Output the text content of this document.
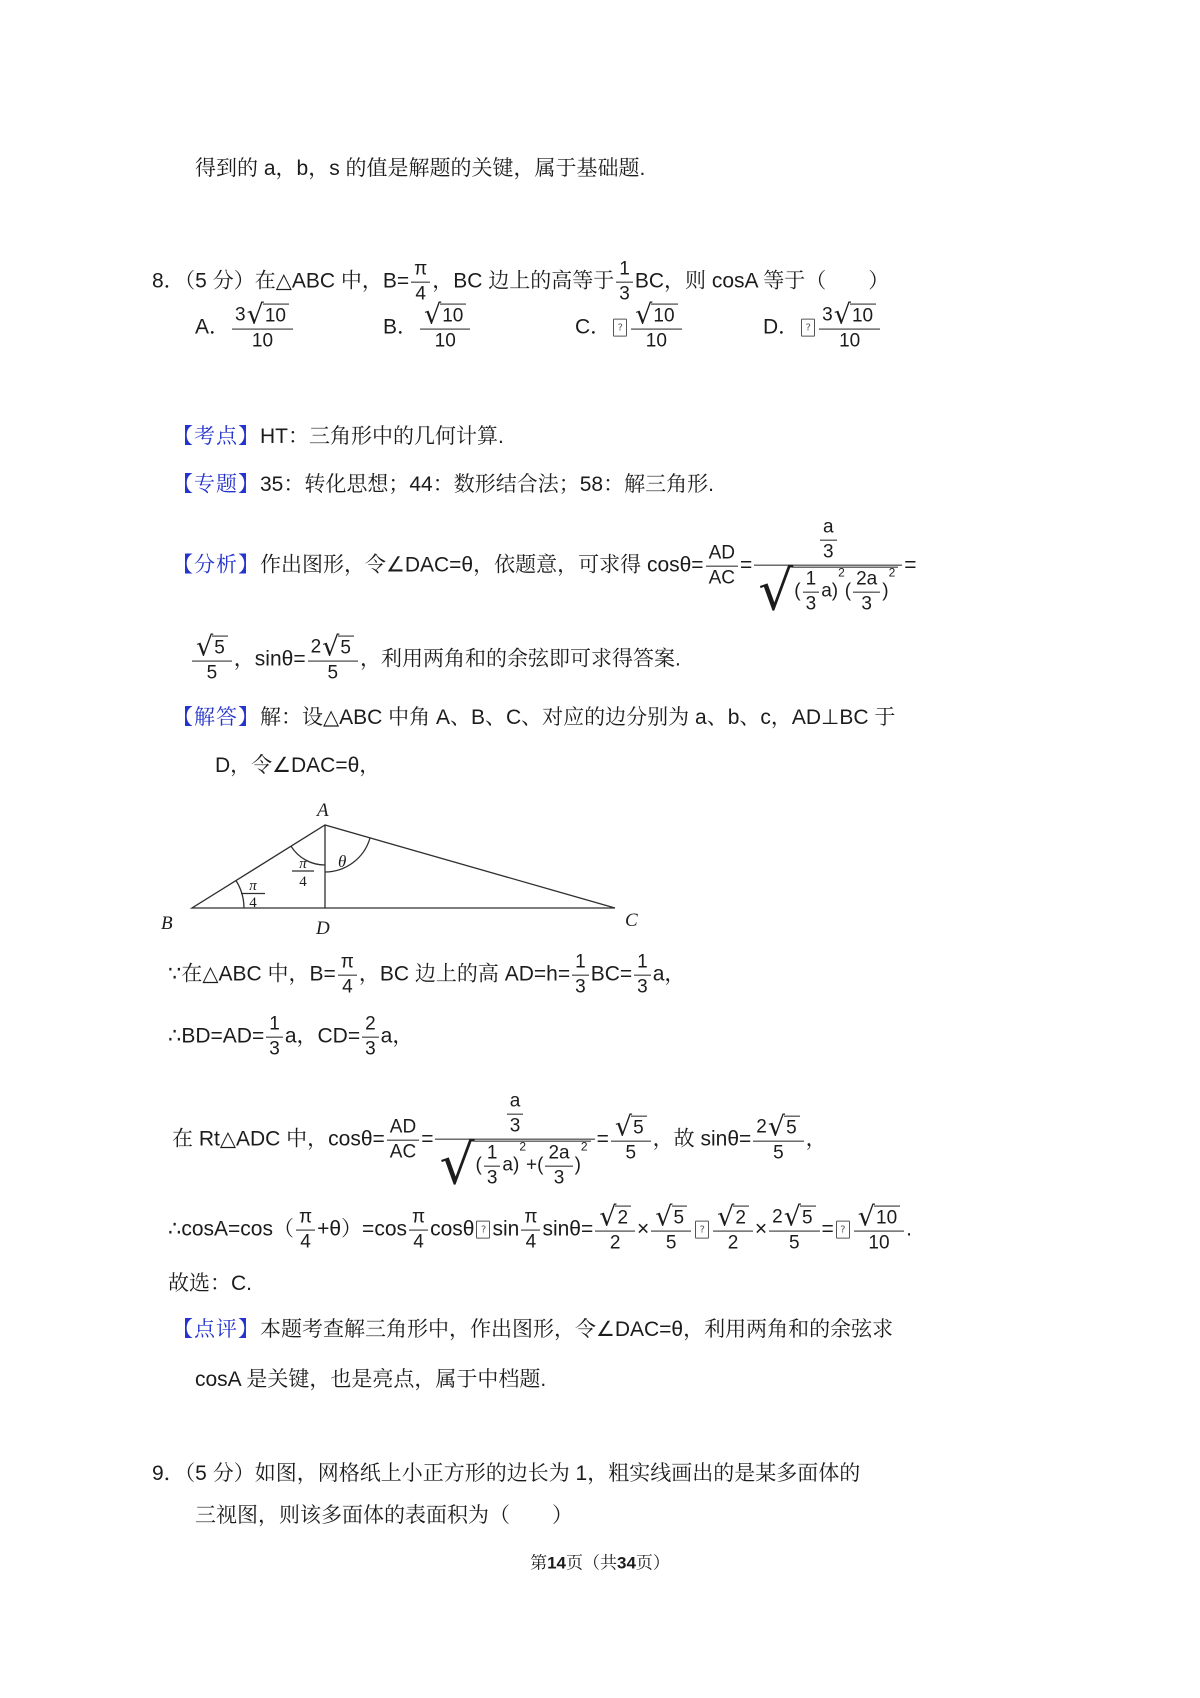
得到的 a，b，s 的值是解题的关键，属于基础题.
8．（5 分）在△ABC 中，$B= \frac{\pi}{4}$ ，BC 边上的高等于 $\frac{1}{3}$ BC，则 cosA 等于（　　）
A． $\frac{3 √ 10}{10}$	B． $\frac{√ 10}{10}$	C． ? $\frac{√ 10}{10}$	D． ? $\frac{3 √ 10}{10}$
【考点】HT：三角形中的几何计算.
【专题】35：转化思想；44：数形结合法；58：解三角形.
【分析】作出图形，令∠DAC=θ，依题意，可求得 $\cos\theta= \frac{AD}{AC} = a$
3
√ (
1
3
a)
2
(
2a
3
)
2 =
$\frac{√ 5}{5}$ ，$\sin\theta= \frac{2 √ 5}{5}$ ，利用两角和的余弦即可求得答案.
【解答】解：设△ABC 中角 A、B、C、对应的边分别为 a、b、c，AD⊥BC 于
D，令∠DAC=θ，
A
B	D	C
π
4
π
4
θ
∵在△ABC 中，$B= \frac{\pi}{4}$ ，BC 边上的高 $AD=h= \frac{1}{3} BC= \frac{1}{3}$ a，
∴BD=AD= $\frac{1}{3}$ a，$CD= \frac{2}{3}$ a，
在 Rt△ADC 中，$\cos\theta= \frac{AD}{AC} = a$
3
√ (
1
3
a)
2
+(
2a
3
)
$2 = \frac{√ 5}{5}$ ，故 $\sin\theta= \frac{2 √ 5}{5}$ ，
∴cosA=cos（ $\frac{\pi}{4} +\theta)=\cos \frac{\pi}{4}$ cosθ ? $\sin \frac{\pi}{4} \sin\theta= \frac{√ 2}{2} \times \frac{√ 5}{5}$ ? $\frac{√ 2}{2} \times \frac{2 √ 5}{5}$ = ? $\frac{√ 10}{10}$ .
故选：C.
【点评】本题考查解三角形中，作出图形，令∠DAC=θ，利用两角和的余弦求
cosA 是关键，也是亮点，属于中档题.
9．（5 分）如图，网格纸上小正方形的边长为 1，粗实线画出的是某多面体的
三视图，则该多面体的表面积为（　　）
第14页（共34页）
